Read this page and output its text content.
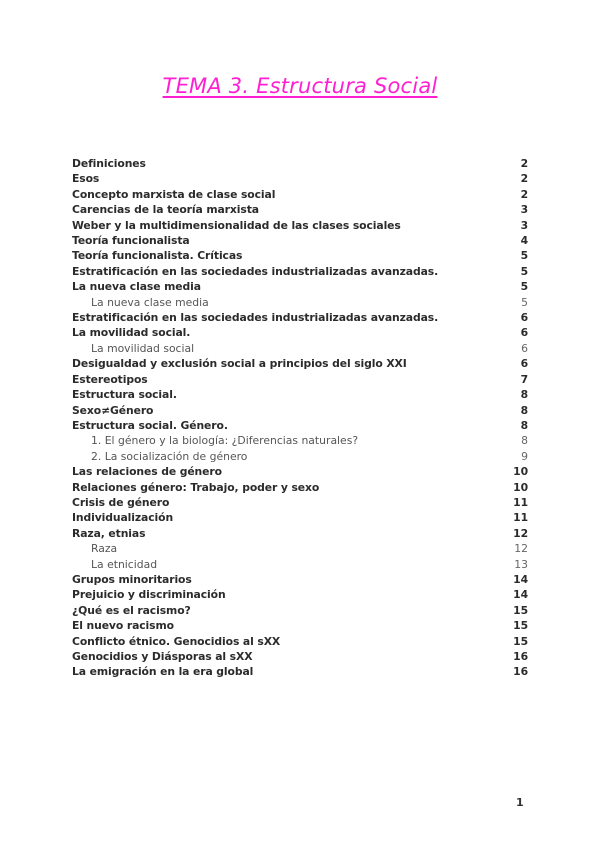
TEMA 3. Estructura Social
Definiciones	2
Esos	2
Concepto marxista de clase social	2
Carencias de la teoría marxista	3
Weber y la multidimensionalidad de las clases sociales	3
Teoría funcionalista	4
Teoría funcionalista. Críticas	5
Estratificación en las sociedades industrializadas avanzadas.	5
La nueva clase media	5
La nueva clase media	5
Estratificación en las sociedades industrializadas avanzadas.	6
La movilidad social.	6
La movilidad social	6
Desigualdad y exclusión social a principios del siglo XXI	6
Estereotipos	7
Estructura social.	8
Sexo≠Género	8
Estructura social. Género.	8
1. El género y la biología: ¿Diferencias naturales?	8
2. La socialización de género	9
Las relaciones de género	10
Relaciones género: Trabajo, poder y sexo	10
Crisis de género	11
Individualización	11
Raza, etnias	12
Raza	12
La etnicidad	13
Grupos minoritarios	14
Prejuicio y discriminación	14
¿Qué es el racismo?	15
El nuevo racismo	15
Conflicto étnico. Genocidios al sXX	15
Genocidios y Diásporas al sXX	16
La emigración en la era global	16
1
